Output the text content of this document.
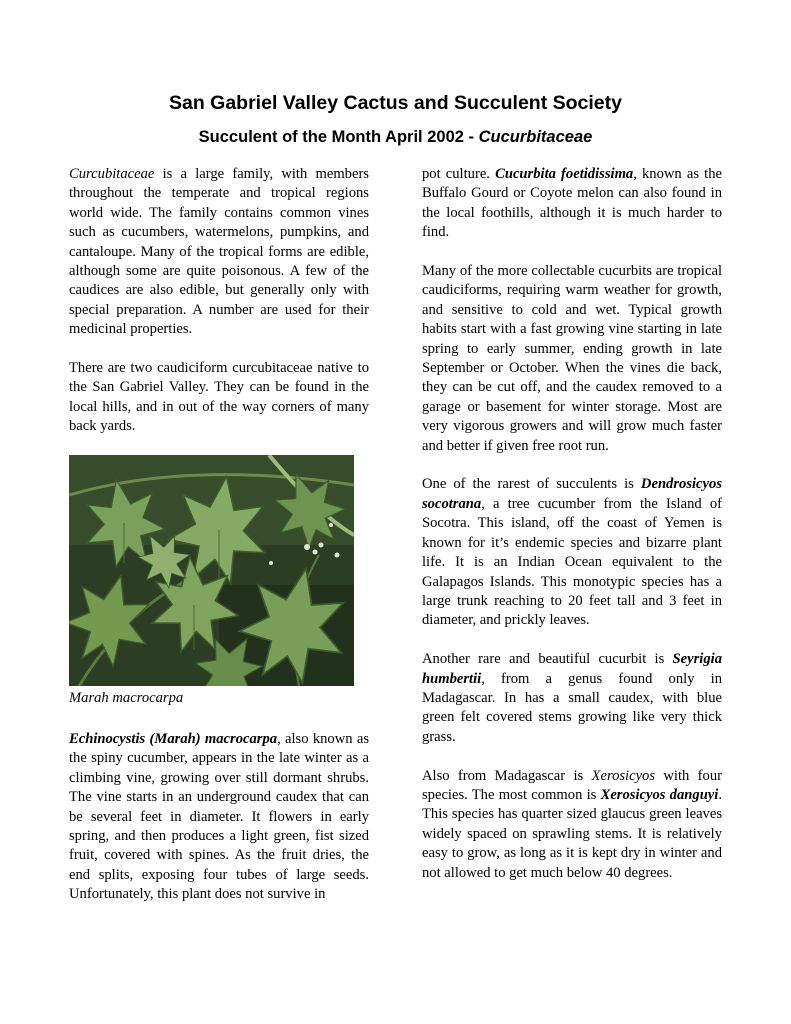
San Gabriel Valley Cactus and Succulent Society
Succulent of the Month April 2002 - Cucurbitaceae

Curcubitaceae is a large family, with members throughout the temperate and tropical regions world wide. The family contains common vines such as cucumbers, watermelons, pumpkins, and cantaloupe. Many of the tropical forms are edible, although some are quite poisonous. A few of the caudices are also edible, but generally only with special preparation. A number are used for their medicinal properties.

There are two caudiciform curcubitaceae native to the San Gabriel Valley. They can be found in the local hills, and in out of the way corners of many back yards.

Marah macrocarpa

Echinocystis (Marah) macrocarpa, also known as the spiny cucumber, appears in the late winter as a climbing vine, growing over still dormant shrubs. The vine starts in an underground caudex that can be several feet in diameter. It flowers in early spring, and then produces a light green, fist sized fruit, covered with spines. As the fruit dries, the end splits, exposing four tubes of large seeds. Unfortunately, this plant does not survive in

pot culture. Cucurbita foetidissima, known as the Buffalo Gourd or Coyote melon can also found in the local foothills, although it is much harder to find.

Many of the more collectable cucurbits are tropical caudiciforms, requiring warm weather for growth, and sensitive to cold and wet. Typical growth habits start with a fast growing vine starting in late spring to early summer, ending growth in late September or October. When the vines die back, they can be cut off, and the caudex removed to a garage or basement for winter storage. Most are very vigorous growers and will grow much faster and better if given free root run.

One of the rarest of succulents is Dendrosicyos socotrana, a tree cucumber from the Island of Socotra. This island, off the coast of Yemen is known for it’s endemic species and bizarre plant life. It is an Indian Ocean equivalent to the Galapagos Islands. This monotypic species has a large trunk reaching to 20 feet tall and 3 feet in diameter, and prickly leaves.

Another rare and beautiful cucurbit is Seyrigia humbertii, from a genus found only in Madagascar. In has a small caudex, with blue green felt covered stems growing like very thick grass.

Also from Madagascar is Xerosicyos with four species. The most common is Xerosicyos danguyi. This species has quarter sized glaucus green leaves widely spaced on sprawling stems. It is relatively easy to grow, as long as it is kept dry in winter and not allowed to get much below 40 degrees.
